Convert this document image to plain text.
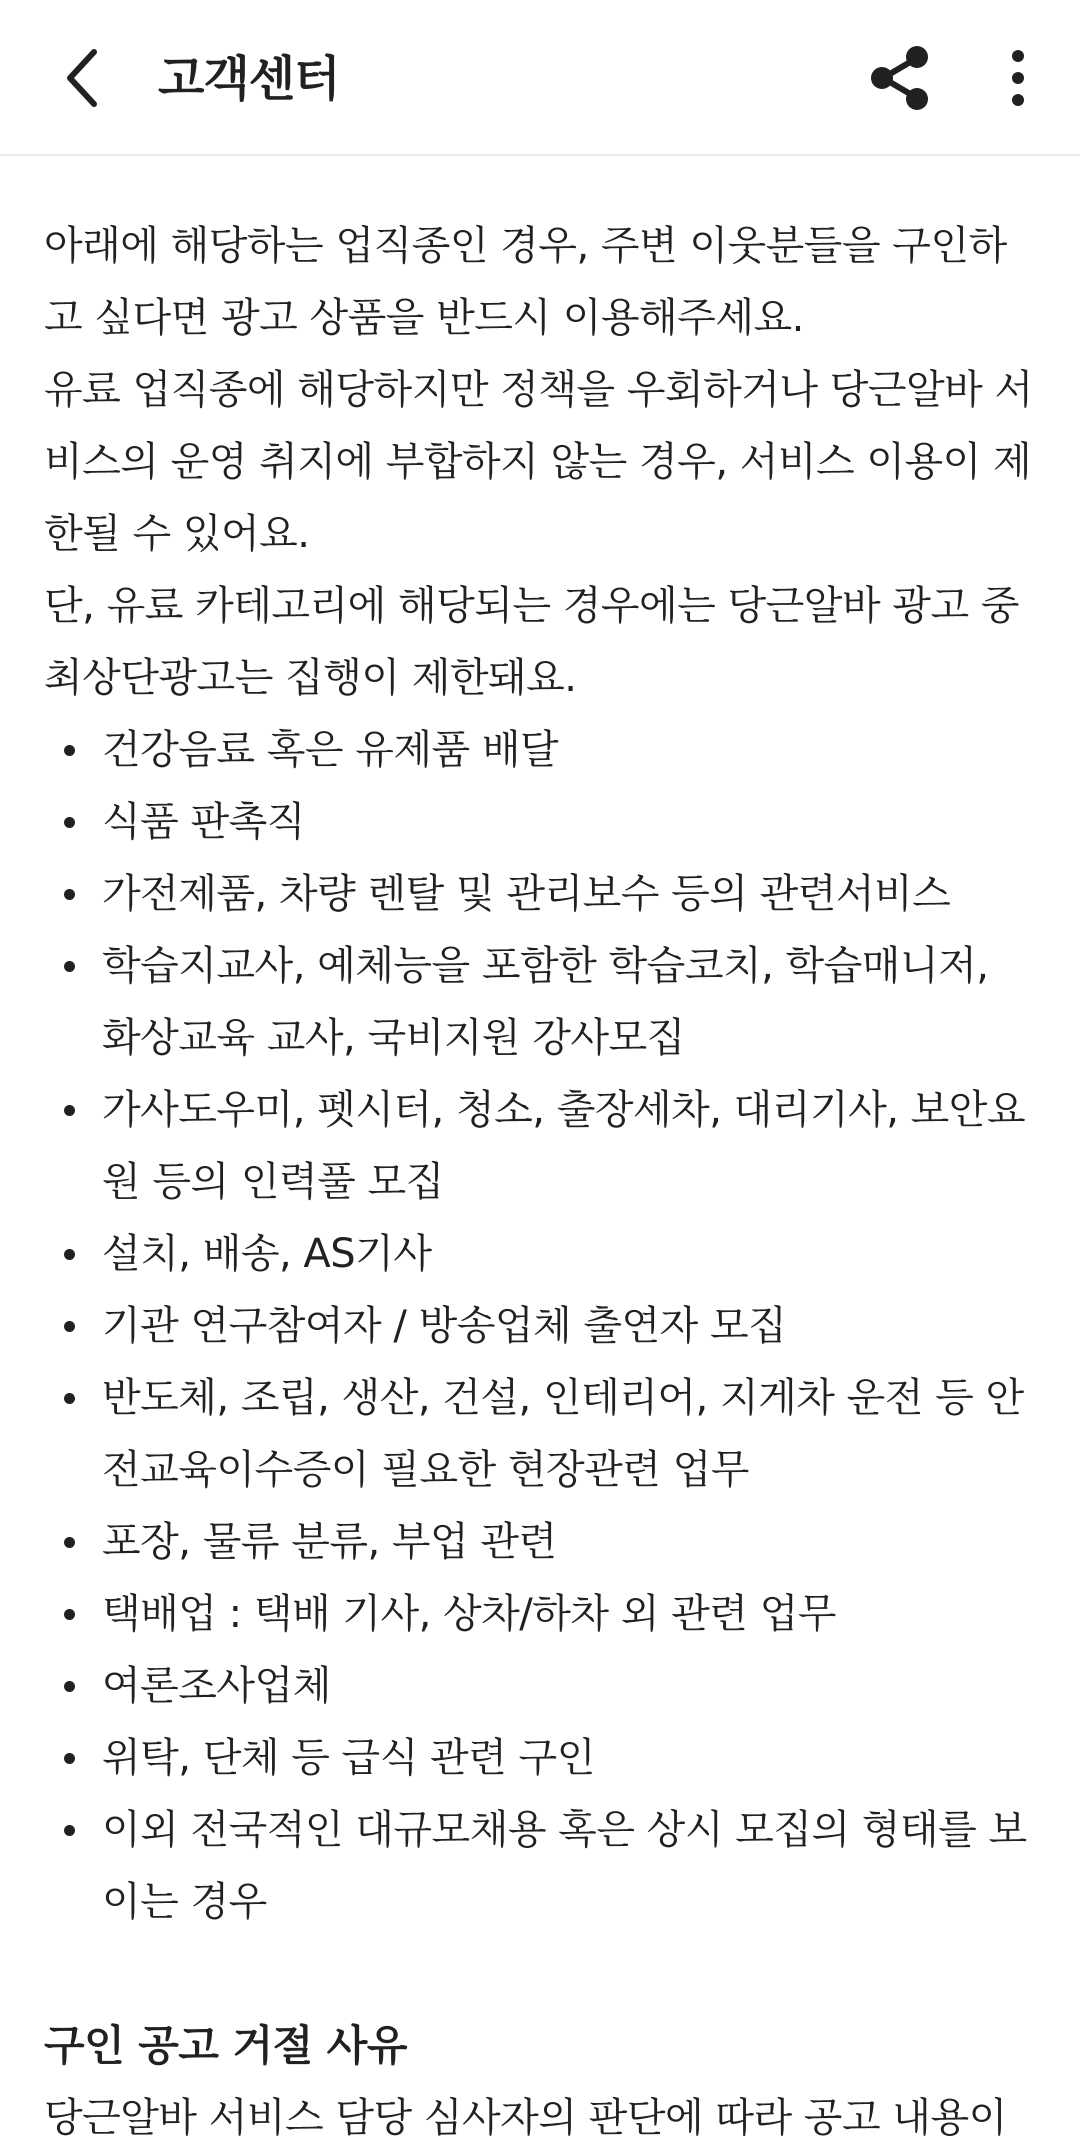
고객센터

아래에 해당하는 업직종인 경우, 주변 이웃분들을 구인하고 싶다면 광고 상품을 반드시 이용해주세요.

유료 업직종에 해당하지만 정책을 우회하거나 당근알바 서비스의 운영 취지에 부합하지 않는 경우, 서비스 이용이 제한될 수 있어요.

단, 유료 카테고리에 해당되는 경우에는 당근알바 광고 중 최상단광고는 집행이 제한돼요.

건강음료 혹은 유제품 배달
식품 판촉직
가전제품, 차량 렌탈 및 관리보수 등의 관련서비스
학습지교사, 예체능을 포함한 학습코치, 학습매니저, 화상교육 교사, 국비지원 강사모집
가사도우미, 펫시터, 청소, 출장세차, 대리기사, 보안요원 등의 인력풀 모집
설치, 배송, AS기사
기관 연구참여자 / 방송업체 출연자 모집
반도체, 조립, 생산, 건설, 인테리어, 지게차 운전 등 안전교육이수증이 필요한 현장관련 업무
포장, 물류 분류, 부업 관련
택배업 : 택배 기사, 상차/하차 외 관련 업무
여론조사업체
위탁, 단체 등 급식 관련 구인
이외 전국적인 대규모채용 혹은 상시 모집의 형태를 보이는 경우
구인 공고 거절 사유

당근알바 서비스 담당 심사자의 판단에 따라 공고 내용이
